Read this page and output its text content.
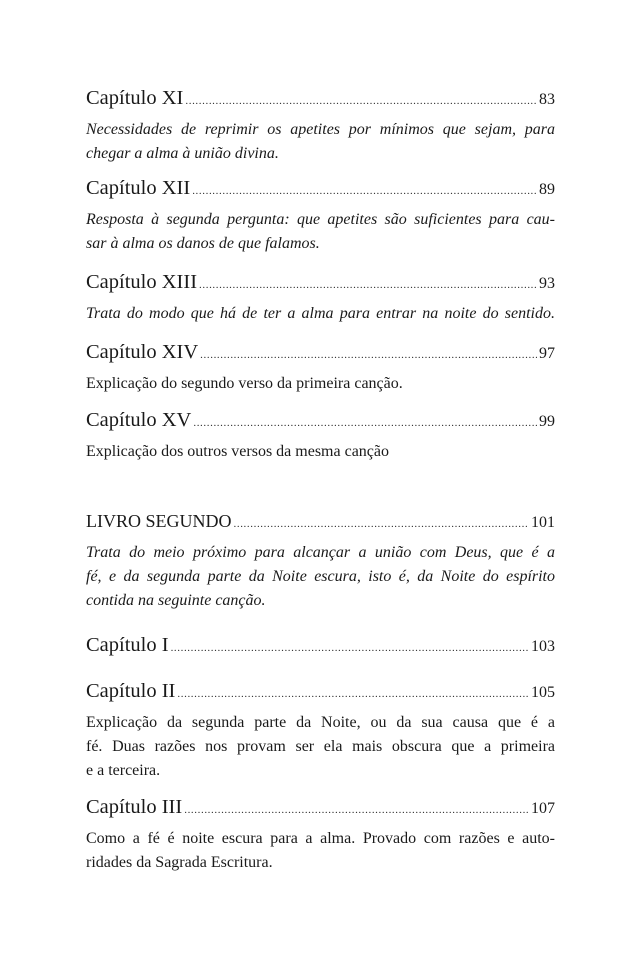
Capítulo XI .....	83
Necessidades de reprimir os apetites por mínimos que sejam, para
chegar a alma à união divina.
Capítulo XII .....	89
Resposta à segunda pergunta: que apetites são suficientes para cau-
sar à alma os danos de que falamos.
Capítulo XIII .....	93
Trata do modo que há de ter a alma para entrar na noite do sentido.
Capítulo XIV .....	97
Explicação do segundo verso da primeira canção.
Capítulo XV .....	99
Explicação dos outros versos da mesma canção
LIVRO SEGUNDO .....	101
Trata do meio próximo para alcançar a união com Deus, que é a
fé, e da segunda parte da Noite escura, isto é, da Noite do espírito
contida na seguinte canção.
Capítulo I .....	103
Capítulo II .....	105
Explicação da segunda parte da Noite, ou da sua causa que é a
fé. Duas razões nos provam ser ela mais obscura que a primeira
e a terceira.
Capítulo III .....	107
Como a fé é noite escura para a alma. Provado com razões e auto-
ridades da Sagrada Escritura.
